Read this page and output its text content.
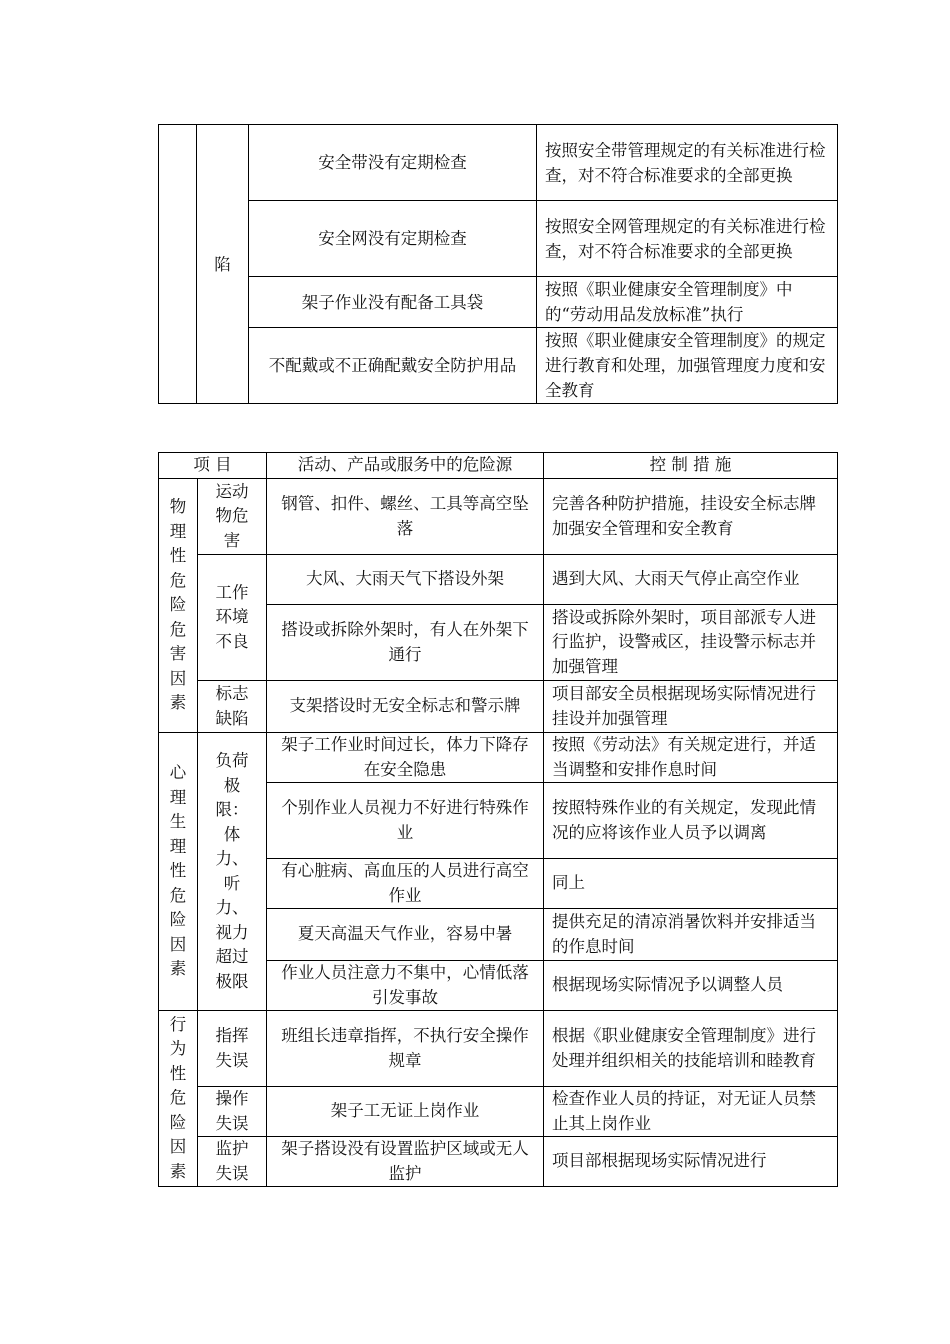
	陷	安全带没有定期检查	按照安全带管理规定的有关标准进行检查，对不符合标准要求的全部更换
		安全网没有定期检查	按照安全网管理规定的有关标准进行检查，对不符合标准要求的全部更换
		架子作业没有配备工具袋	按照《职业健康安全管理制度》中的“劳动用品发放标准”执行
		不配戴或不正确配戴安全防护用品	按照《职业健康安全管理制度》的规定进行教育和处理，加强管理度力度和安全教育
项 目		活动、产品或服务中的危险源	控 制 措 施

物理性危险危害因素	运动物危害	钢管、扣件、螺丝、工具等高空坠落	完善各种防护措施，挂设安全标志牌加强安全管理和安全教育

	工作环境不良	大风、大雨天气下搭设外架	遇到大风、大雨天气停止高空作业
		搭设或拆除外架时，有人在外架下通行	搭设或拆除外架时，项目部派专人进行监护，设警戒区，挂设警示标志并加强管理

	标志缺陷	支架搭设时无安全标志和警示牌	项目部安全员根据现场实际情况进行挂设并加强管理

心理生理性危险因素	负荷极限：体力、听力、视力超过极限	架子工作业时间过长，体力下降存在安全隐患	按照《劳动法》有关规定进行，并适当调整和安排作息时间
		个别作业人员视力不好进行特殊作业	按照特殊作业的有关规定，发现此情况的应将该作业人员予以调离
		有心脏病、高血压的人员进行高空作业	同上
		夏天高温天气作业，容易中暑	提供充足的清凉消暑饮料并安排适当的作息时间
		作业人员注意力不集中，心情低落引发事故	根据现场实际情况予以调整人员

行为性危险因素	指挥失误	班组长违章指挥，不执行安全操作规章	根据《职业健康安全管理制度》进行处理并组织相关的技能培训和睦教育

	操作失误	架子工无证上岗作业	检查作业人员的持证，对无证人员禁止其上岗作业

	监护失误	架子搭设没有设置监护区域或无人监护	项目部根据现场实际情况进行
